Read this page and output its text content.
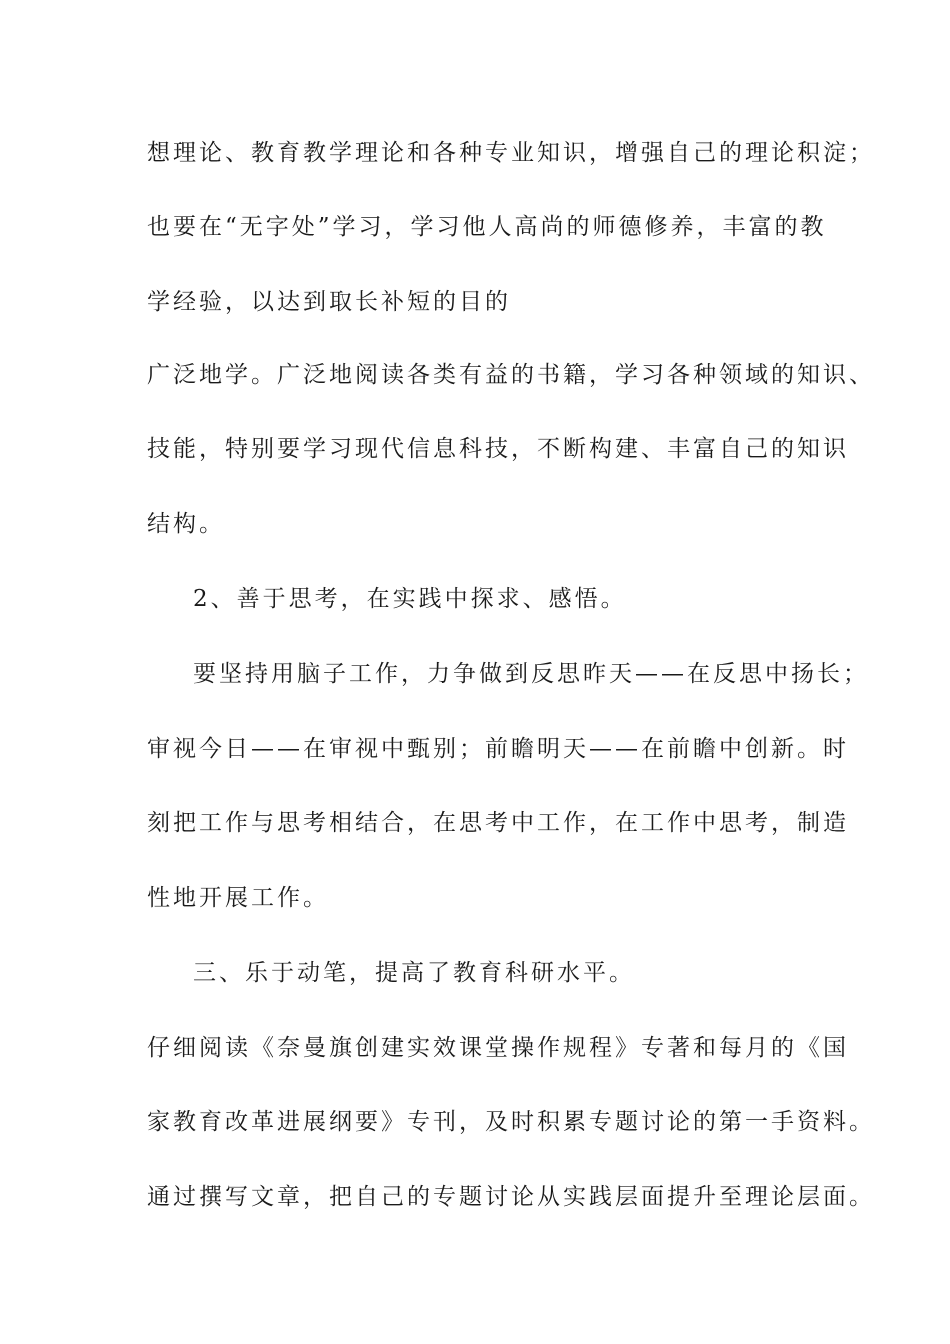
想理论、教育教学理论和各种专业知识，增强自己的理论积淀；
也要在“无字处”学习，学习他人高尚的师德修养，丰富的教
学经验，以达到取长补短的目的
广泛地学。广泛地阅读各类有益的书籍，学习各种领域的知识、
技能，特别要学习现代信息科技，不断构建、丰富自己的知识
结构。
2、善于思考，在实践中探求、感悟。
要坚持用脑子工作，力争做到反思昨天——在反思中扬长；
审视今日——在审视中甄别；前瞻明天——在前瞻中创新。时
刻把工作与思考相结合，在思考中工作，在工作中思考，制造
性地开展工作。
三、乐于动笔，提高了教育科研水平。
仔细阅读《奈曼旗创建实效课堂操作规程》专著和每月的《国
家教育改革进展纲要》专刊，及时积累专题讨论的第一手资料。
通过撰写文章，把自己的专题讨论从实践层面提升至理论层面。
